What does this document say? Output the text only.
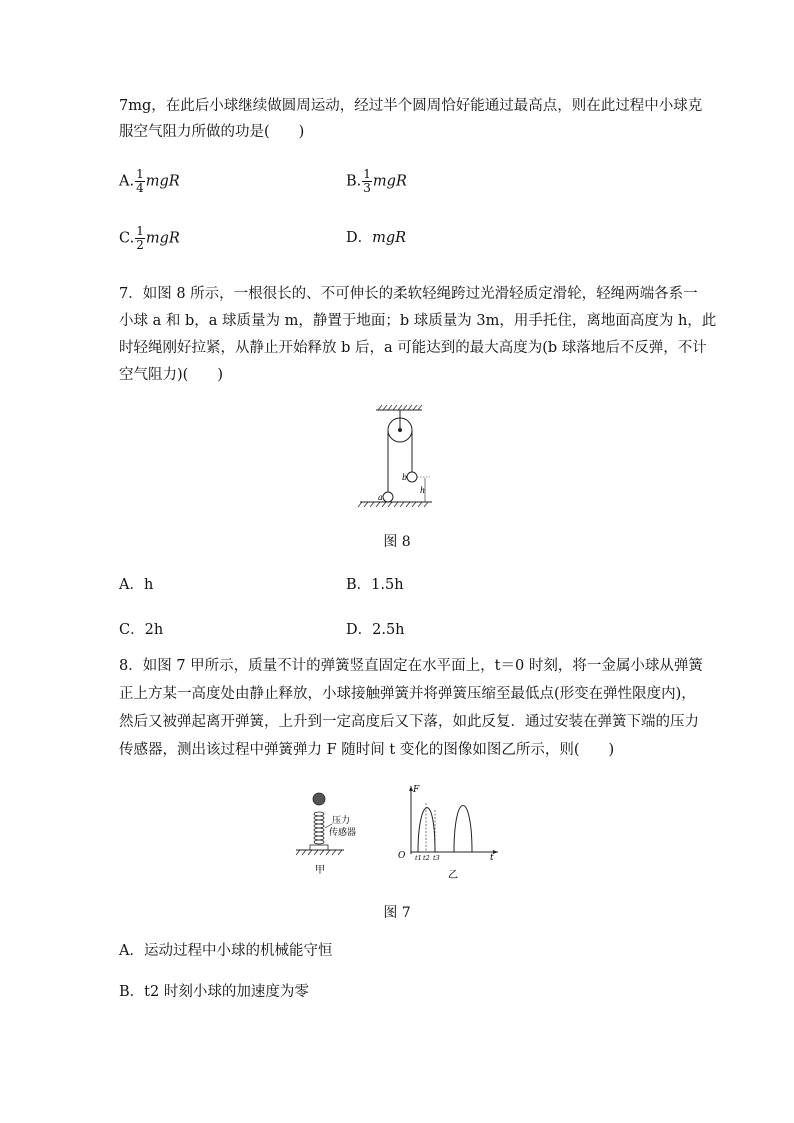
7mg，在此后小球继续做圆周运动，经过半个圆周恰好能通过最高点，则在此过程中小球克
服空气阻力所做的功是(　　)
A. $\frac{1}{4}$ mgR	B. $\frac{1}{3}$ mgR
C. $\frac{1}{2}$ mgR	D．mgR
7．如图 8 所示，一根很长的、不可伸长的柔软轻绳跨过光滑轻质定滑轮，轻绳两端各系一
小球 a 和 b，a 球质量为 m，静置于地面；b 球质量为 3m，用手托住，离地面高度为 h，此
时轻绳刚好拉紧，从静止开始释放 b 后，a 可能达到的最大高度为(b 球落地后不反弹，不计
空气阻力)(　　)
b
h
a
图 8
A．h	B．1.5h
C．2h	D．2.5h
8．如图 7 甲所示，质量不计的弹簧竖直固定在水平面上，t＝0 时刻，将一金属小球从弹簧
正上方某一高度处由静止释放，小球接触弹簧并将弹簧压缩至最低点(形变在弹性限度内)，
然后又被弹起离开弹簧，上升到一定高度后又下落，如此反复．通过安装在弹簧下端的压力
传感器，测出该过程中弹簧弹力 F 随时间 t 变化的图像如图乙所示，则(　　)
压力
传感器
甲
F
t
O t1 t2 t3
乙
图 7
A．运动过程中小球的机械能守恒
B．t2 时刻小球的加速度为零
